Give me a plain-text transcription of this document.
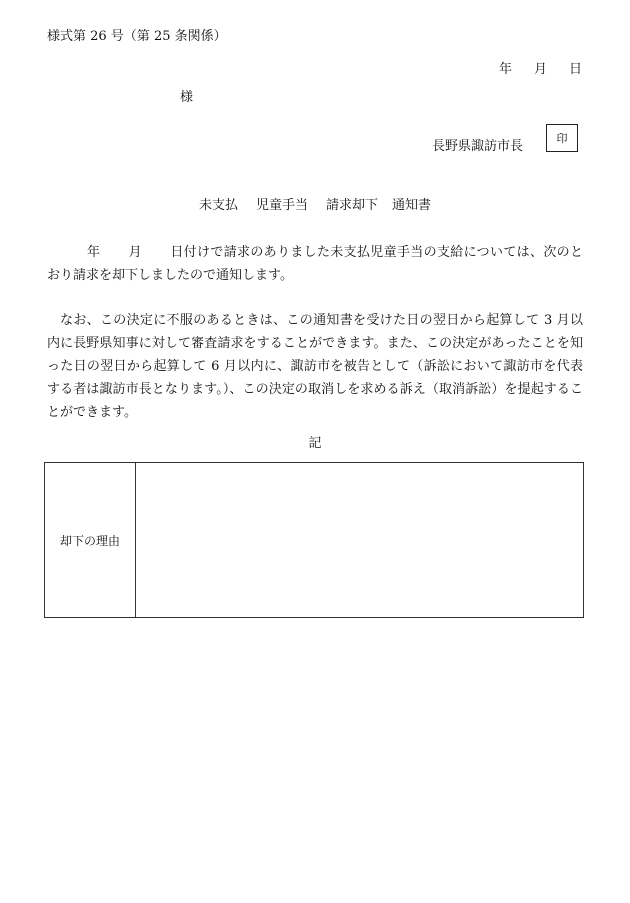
様式第 26 号（第 25 条関係）
年 月 日
様
長野県諏訪市長
印
未支払 児童手当 請求却下 通知書
年 月 日付けで請求のありました未支払児童手当の支給については、次のとおり請求を却下しましたので通知します。
なお、この決定に不服のあるときは、この通知書を受けた日の翌日から起算して 3 月以内に長野県知事に対して審査請求をすることができます。また、この決定があったことを知った日の翌日から起算して 6 月以内に、諏訪市を被告として（訴訟において諏訪市を代表する者は諏訪市長となります。）、この決定の取消しを求める訴え（取消訴訟）を提起することができます。
記
却下の理由	
